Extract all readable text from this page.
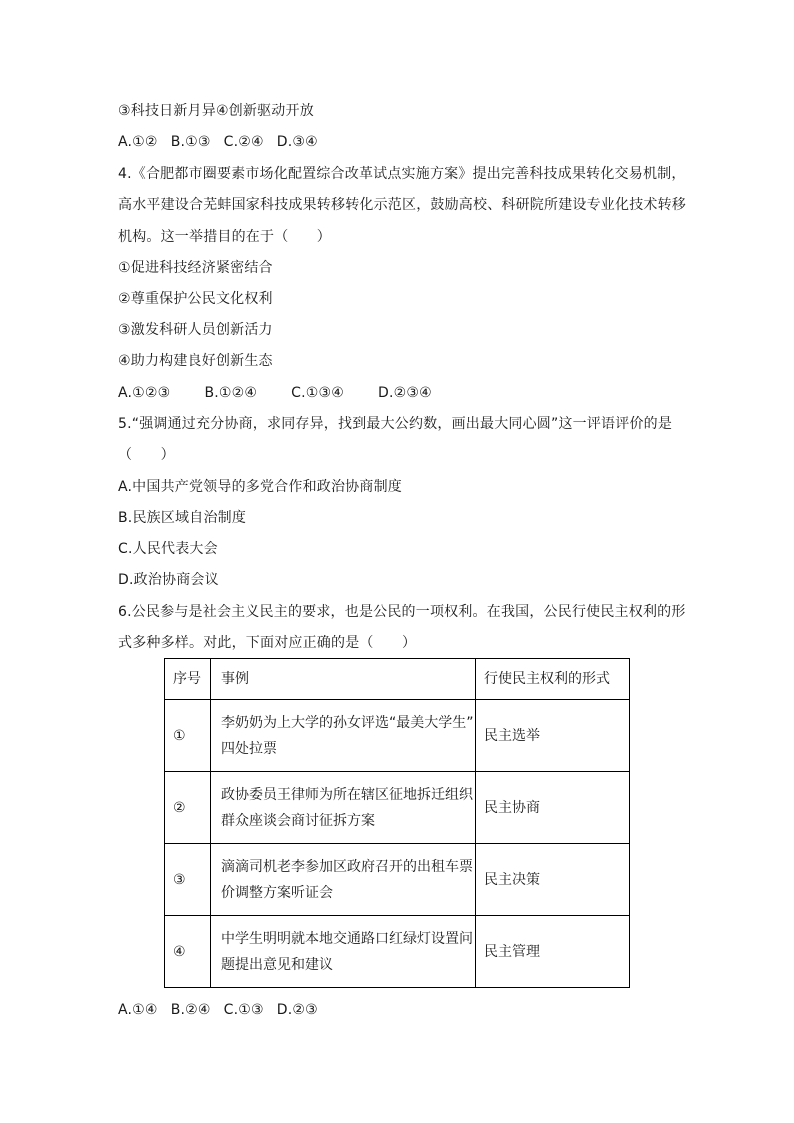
③科技日新月异④创新驱动开放
A.①② B.①③ C.②④ D.③④
4.《合肥都市圈要素市场化配置综合改革试点实施方案》提出完善科技成果转化交易机制，
高水平建设合芜蚌国家科技成果转移转化示范区，鼓励高校、科研院所建设专业化技术转移
机构。这一举措目的在于（　　）
①促进科技经济紧密结合
②尊重保护公民文化权利
③激发科研人员创新活力
④助力构建良好创新生态
A.①②③ B.①②④ C.①③④ D.②③④
5.“强调通过充分协商，求同存异，找到最大公约数，画出最大同心圆”这一评语评价的是
（　　）
A.中国共产党领导的多党合作和政治协商制度
B.民族区域自治制度
C.人民代表大会
D.政治协商会议
6.公民参与是社会主义民主的要求，也是公民的一项权利。在我国，公民行使民主权利的形
式多种多样。对此，下面对应正确的是（　　）
序号	事例	行使民主权利的形式
①	李奶奶为上大学的孙女评选“最美大学生”
四处拉票	民主选举
②	政协委员王律师为所在辖区征地拆迁组织
群众座谈会商讨征拆方案	民主协商
③	滴滴司机老李参加区政府召开的出租车票
价调整方案听证会	民主决策
④	中学生明明就本地交通路口红绿灯设置问
题提出意见和建议	民主管理
A.①④ B.②④ C.①③ D.②③
